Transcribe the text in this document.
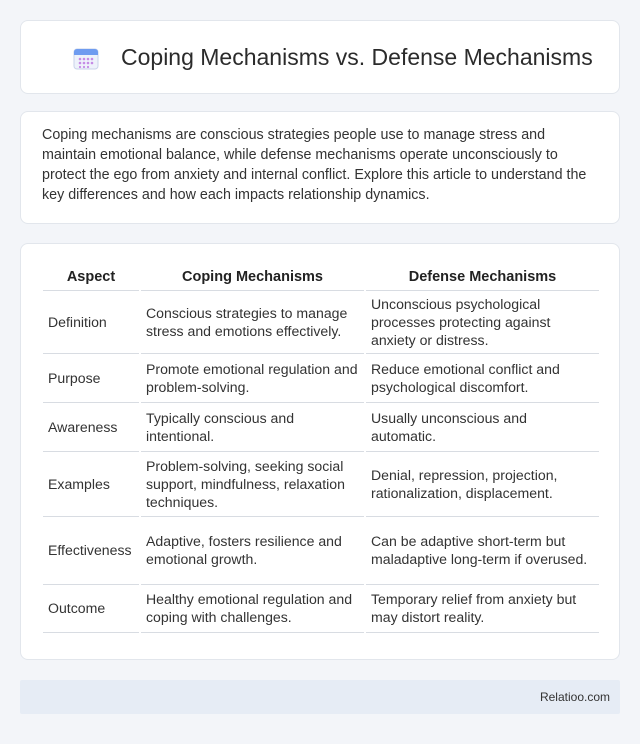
Coping Mechanisms vs. Defense Mechanisms

Coping mechanisms are conscious strategies people use to manage stress and maintain emotional balance, while defense mechanisms operate unconsciously to protect the ego from anxiety and internal conflict. Explore this article to understand the key differences and how each impacts relationship dynamics.

Aspect	Coping Mechanisms	Defense Mechanisms
Definition	Conscious strategies to manage stress and emotions effectively.	Unconscious psychological processes protecting against anxiety or distress.
Purpose	Promote emotional regulation and problem-solving.	Reduce emotional conflict and psychological discomfort.
Awareness	Typically conscious and intentional.	Usually unconscious and automatic.
Examples	Problem-solving, seeking social support, mindfulness, relaxation techniques.	Denial, repression, projection, rationalization, displacement.
Effectiveness	Adaptive, fosters resilience and emotional growth.	Can be adaptive short-term but maladaptive long-term if overused.
Outcome	Healthy emotional regulation and coping with challenges.	Temporary relief from anxiety but may distort reality.
Relatioo.com
